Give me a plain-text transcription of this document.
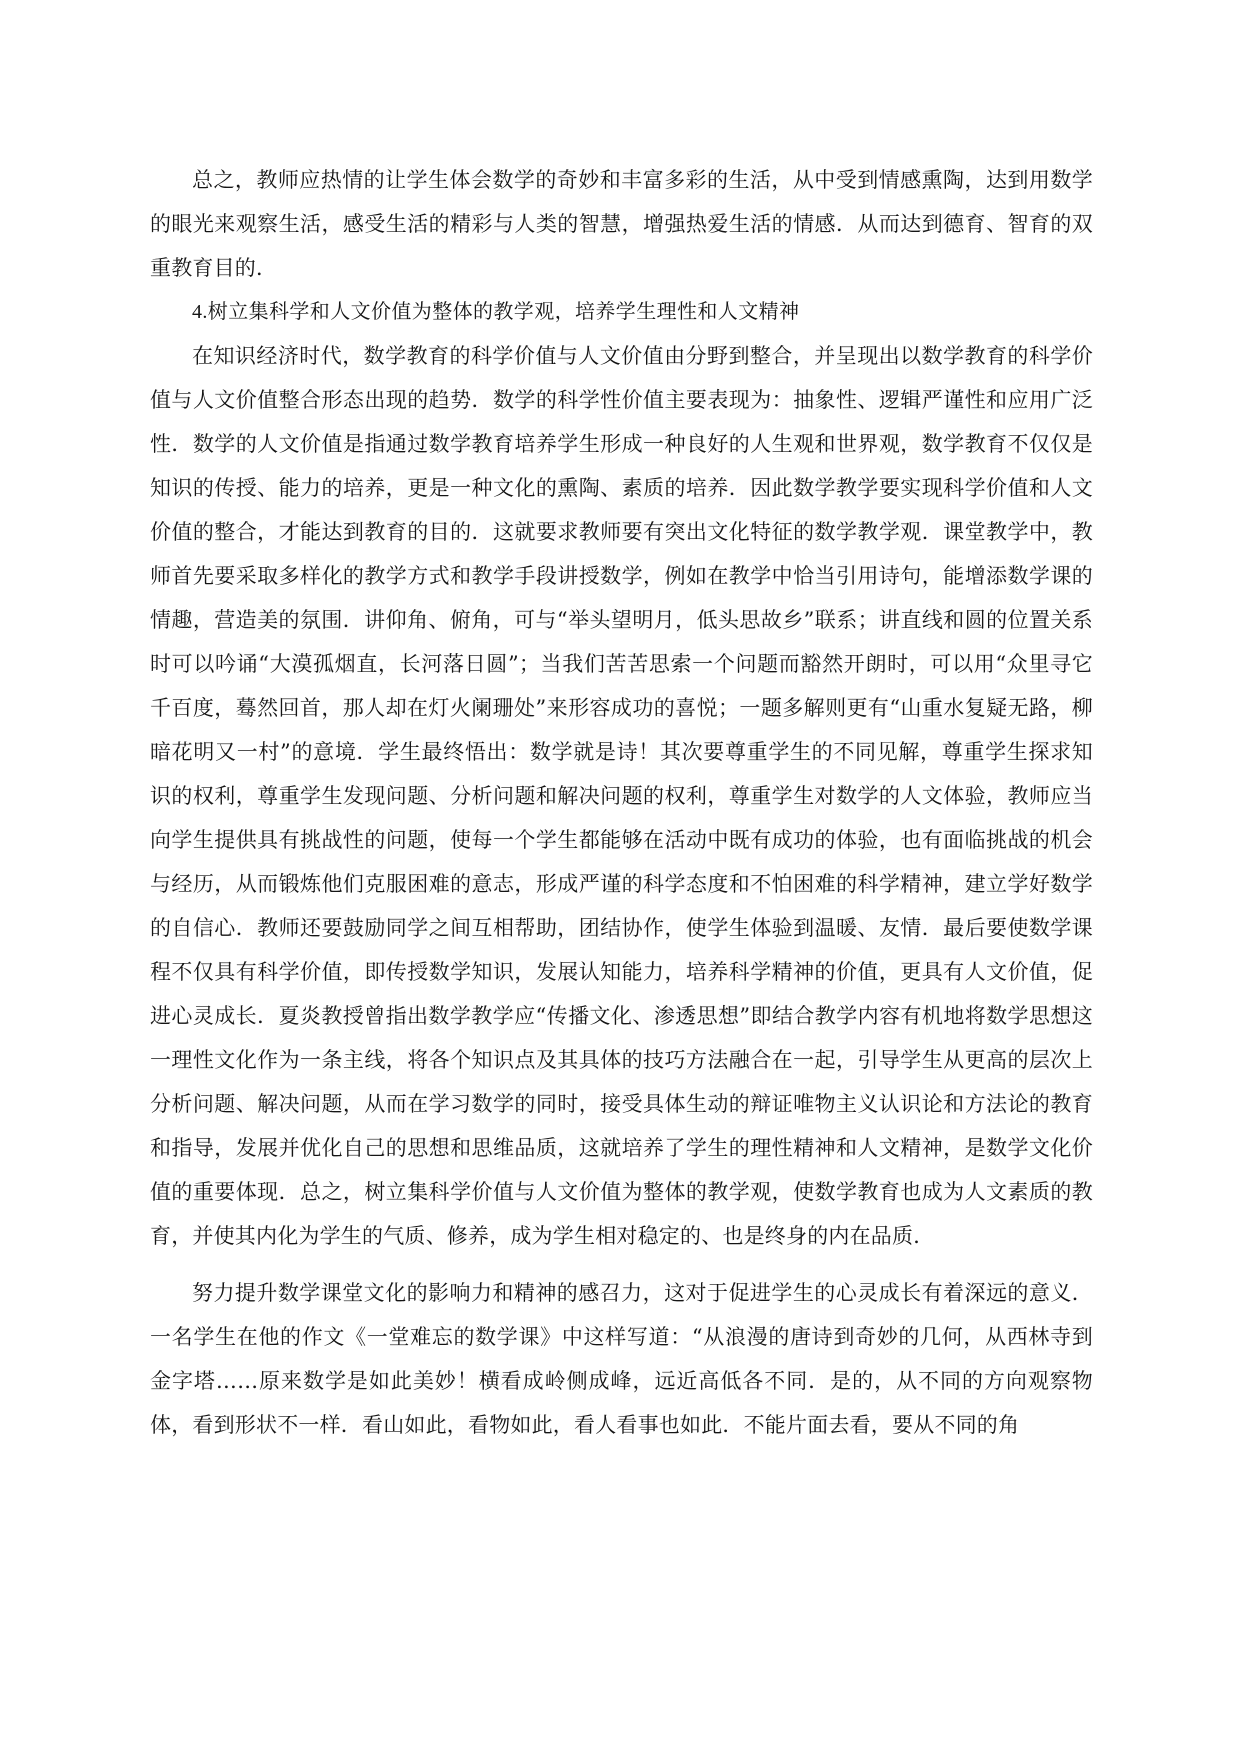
总之，教师应热情的让学生体会数学的奇妙和丰富多彩的生活，从中受到情感熏陶，达到用数学的眼光来观察生活，感受生活的精彩与人类的智慧，增强热爱生活的情感．从而达到德育、智育的双重教育目的．

4.树立集科学和人文价值为整体的教学观，培养学生理性和人文精神

在知识经济时代，数学教育的科学价值与人文价值由分野到整合，并呈现出以数学教育的科学价值与人文价值整合形态出现的趋势．数学的科学性价值主要表现为：抽象性、逻辑严谨性和应用广泛性．数学的人文价值是指通过数学教育培养学生形成一种良好的人生观和世界观，数学教育不仅仅是知识的传授、能力的培养，更是一种文化的熏陶、素质的培养．因此数学教学要实现科学价值和人文价值的整合，才能达到教育的目的．这就要求教师要有突出文化特征的数学教学观．课堂教学中，教师首先要采取多样化的教学方式和教学手段讲授数学，例如在教学中恰当引用诗句，能增添数学课的情趣，营造美的氛围．讲仰角、俯角，可与“举头望明月，低头思故乡”联系；讲直线和圆的位置关系时可以吟诵“大漠孤烟直，长河落日圆”；当我们苦苦思索一个问题而豁然开朗时，可以用“众里寻它千百度，蓦然回首，那人却在灯火阑珊处”来形容成功的喜悦；一题多解则更有“山重水复疑无路，柳暗花明又一村”的意境．学生最终悟出：数学就是诗！其次要尊重学生的不同见解，尊重学生探求知识的权利，尊重学生发现问题、分析问题和解决问题的权利，尊重学生对数学的人文体验，教师应当向学生提供具有挑战性的问题，使每一个学生都能够在活动中既有成功的体验，也有面临挑战的机会与经历，从而锻炼他们克服困难的意志，形成严谨的科学态度和不怕困难的科学精神，建立学好数学的自信心．教师还要鼓励同学之间互相帮助，团结协作，使学生体验到温暖、友情．最后要使数学课程不仅具有科学价值，即传授数学知识，发展认知能力，培养科学精神的价值，更具有人文价值，促进心灵成长．夏炎教授曾指出数学教学应“传播文化、渗透思想”即结合教学内容有机地将数学思想这一理性文化作为一条主线，将各个知识点及其具体的技巧方法融合在一起，引导学生从更高的层次上分析问题、解决问题，从而在学习数学的同时，接受具体生动的辩证唯物主义认识论和方法论的教育和指导，发展并优化自己的思想和思维品质，这就培养了学生的理性精神和人文精神，是数学文化价值的重要体现．总之，树立集科学价值与人文价值为整体的教学观，使数学教育也成为人文素质的教育，并使其内化为学生的气质、修养，成为学生相对稳定的、也是终身的内在品质．

努力提升数学课堂文化的影响力和精神的感召力，这对于促进学生的心灵成长有着深远的意义．一名学生在他的作文《一堂难忘的数学课》中这样写道：“从浪漫的唐诗到奇妙的几何，从西林寺到金字塔……原来数学是如此美妙！横看成岭侧成峰，远近高低各不同．是的，从不同的方向观察物体，看到形状不一样．看山如此，看物如此，看人看事也如此．不能片面去看，要从不同的角
